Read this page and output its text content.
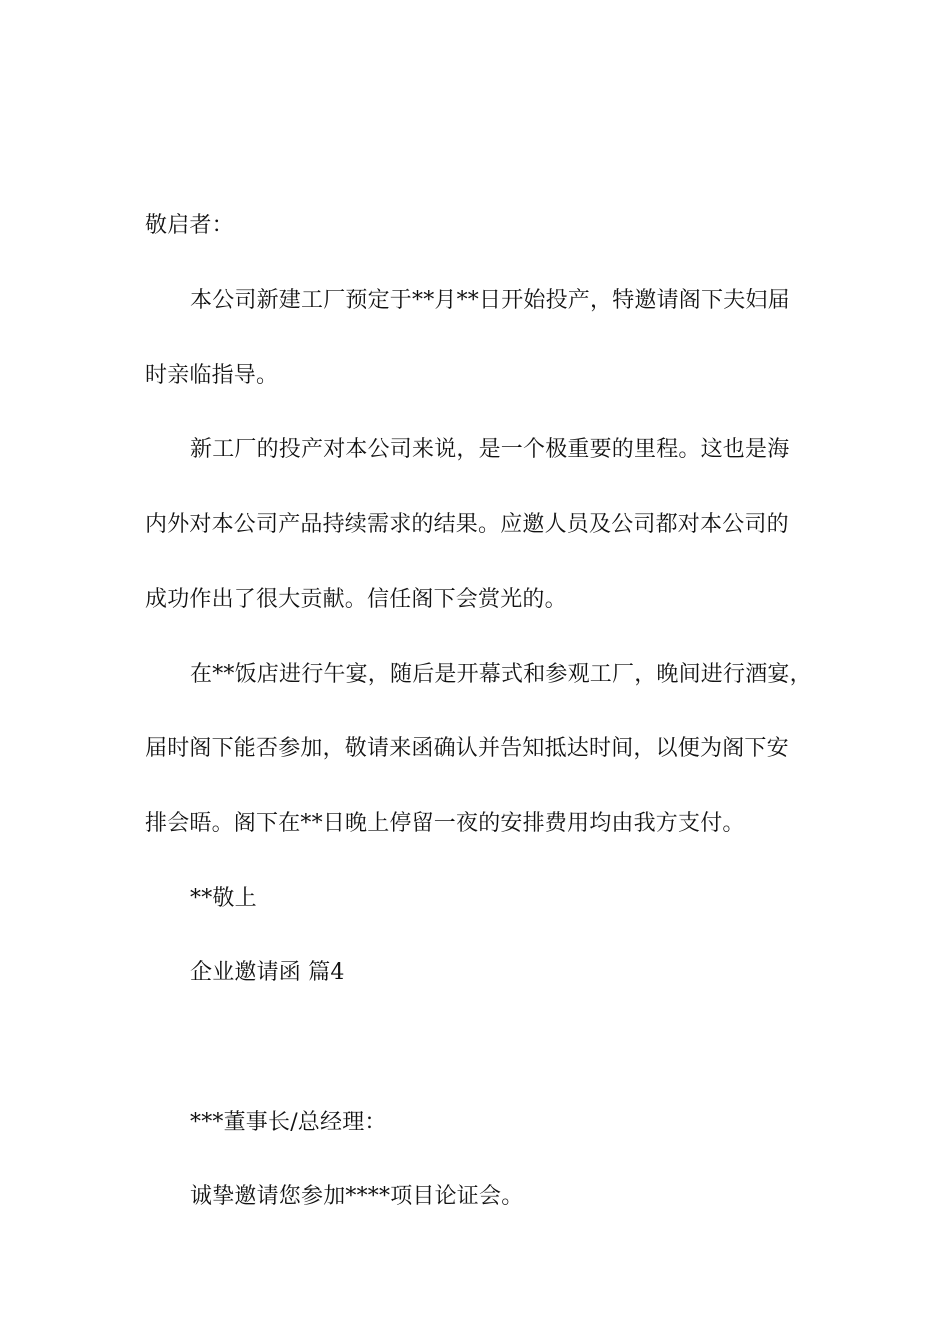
敬启者：
本公司新建工厂预定于**月**日开始投产，特邀请阁下夫妇届
时亲临指导。
新工厂的投产对本公司来说，是一个极重要的里程。这也是海
内外对本公司产品持续需求的结果。应邀人员及公司都对本公司的
成功作出了很大贡献。信任阁下会赏光的。
在**饭店进行午宴，随后是开幕式和参观工厂，晚间进行酒宴，
届时阁下能否参加，敬请来函确认并告知抵达时间，以便为阁下安
排会晤。阁下在**日晚上停留一夜的安排费用均由我方支付。
**敬上
企业邀请函 篇4
***董事长/总经理：
诚挚邀请您参加****项目论证会。
